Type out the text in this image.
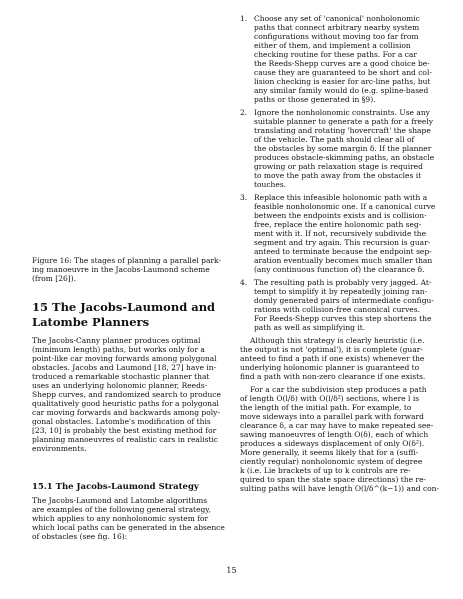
Figure 16: The stages of planning a parallel park-
ing manoeuvre in the Jacobs-Laumond scheme
(from [26]).
15 The Jacobs-Laumond and
Latombe Planners
The Jacobs-Canny planner produces optimal
(minimum length) paths, but works only for a
point-like car moving forwards among polygonal
obstacles. Jacobs and Laumond [18, 27] have in-
troduced a remarkable stochastic planner that
uses an underlying holonomic planner, Reeds-
Shepp curves, and randomized search to produce
qualitatively good heuristic paths for a polygonal
car moving forwards and backwards among poly-
gonal obstacles. Latombe's modification of this
[23, 10] is probably the best existing method for
planning manoeuvres of realistic cars in realistic
environments.
15.1 The Jacobs-Laumond Strategy
The Jacobs-Laumond and Latombe algorithms
are examples of the following general strategy,
which applies to any nonholonomic system for
which local paths can be generated in the absence
of obstacles (see fig. 16):
1. Choose any set of 'canonical' nonholonomic
paths that connect arbitrary nearby system
configurations without moving too far from
either of them, and implement a collision
checking routine for these paths. For a car
the Reeds-Shepp curves are a good choice be-
cause they are guaranteed to be short and col-
lision checking is easier for arc-line paths, but
any similar family would do (e.g. spline-based
paths or those generated in §9).
2. Ignore the nonholonomic constraints. Use any
suitable planner to generate a path for a freely
translating and rotating 'hovercraft' the shape
of the vehicle. The path should clear all of
the obstacles by some margin δ. If the planner
produces obstacle-skimming paths, an obstacle
growing or path relaxation stage is required
to move the path away from the obstacles it
touches.
3. Replace this infeasible holonomic path with a
feasible nonholonomic one. If a canonical curve
between the endpoints exists and is collision-
free, replace the entire holonomic path seg-
ment with it. If not, recursively subdivide the
segment and try again. This recursion is guar-
anteed to terminate because the endpoint sep-
aration eventually becomes much smaller than
(any continuous function of) the clearance δ.
4. The resulting path is probably very jagged. At-
tempt to simplify it by repeatedly joining ran-
domly generated pairs of intermediate configu-
rations with collision-free canonical curves.
For Reeds-Shepp curves this step shortens the
path as well as simplifying it.
Although this strategy is clearly heuristic (i.e.
the output is not 'optimal'), it is complete (guar-
anteed to find a path if one exists) whenever the
underlying holonomic planner is guaranteed to
find a path with non-zero clearance if one exists.
For a car the subdivision step produces a path
of length O(l/δ) with O(l/δ²) sections, where l is
the length of the initial path. For example, to
move sideways into a parallel park with forward
clearance δ, a car may have to make repeated see-
sawing manoeuvres of length O(δ), each of which
produces a sideways displacement of only O(δ²).
More generally, it seems likely that for a (suffi-
ciently regular) nonholonomic system of degree
k (i.e. Lie brackets of up to k controls are re-
quired to span the state space directions) the re-
sulting paths will have length O(l/δ^(k−1)) and con-
15
